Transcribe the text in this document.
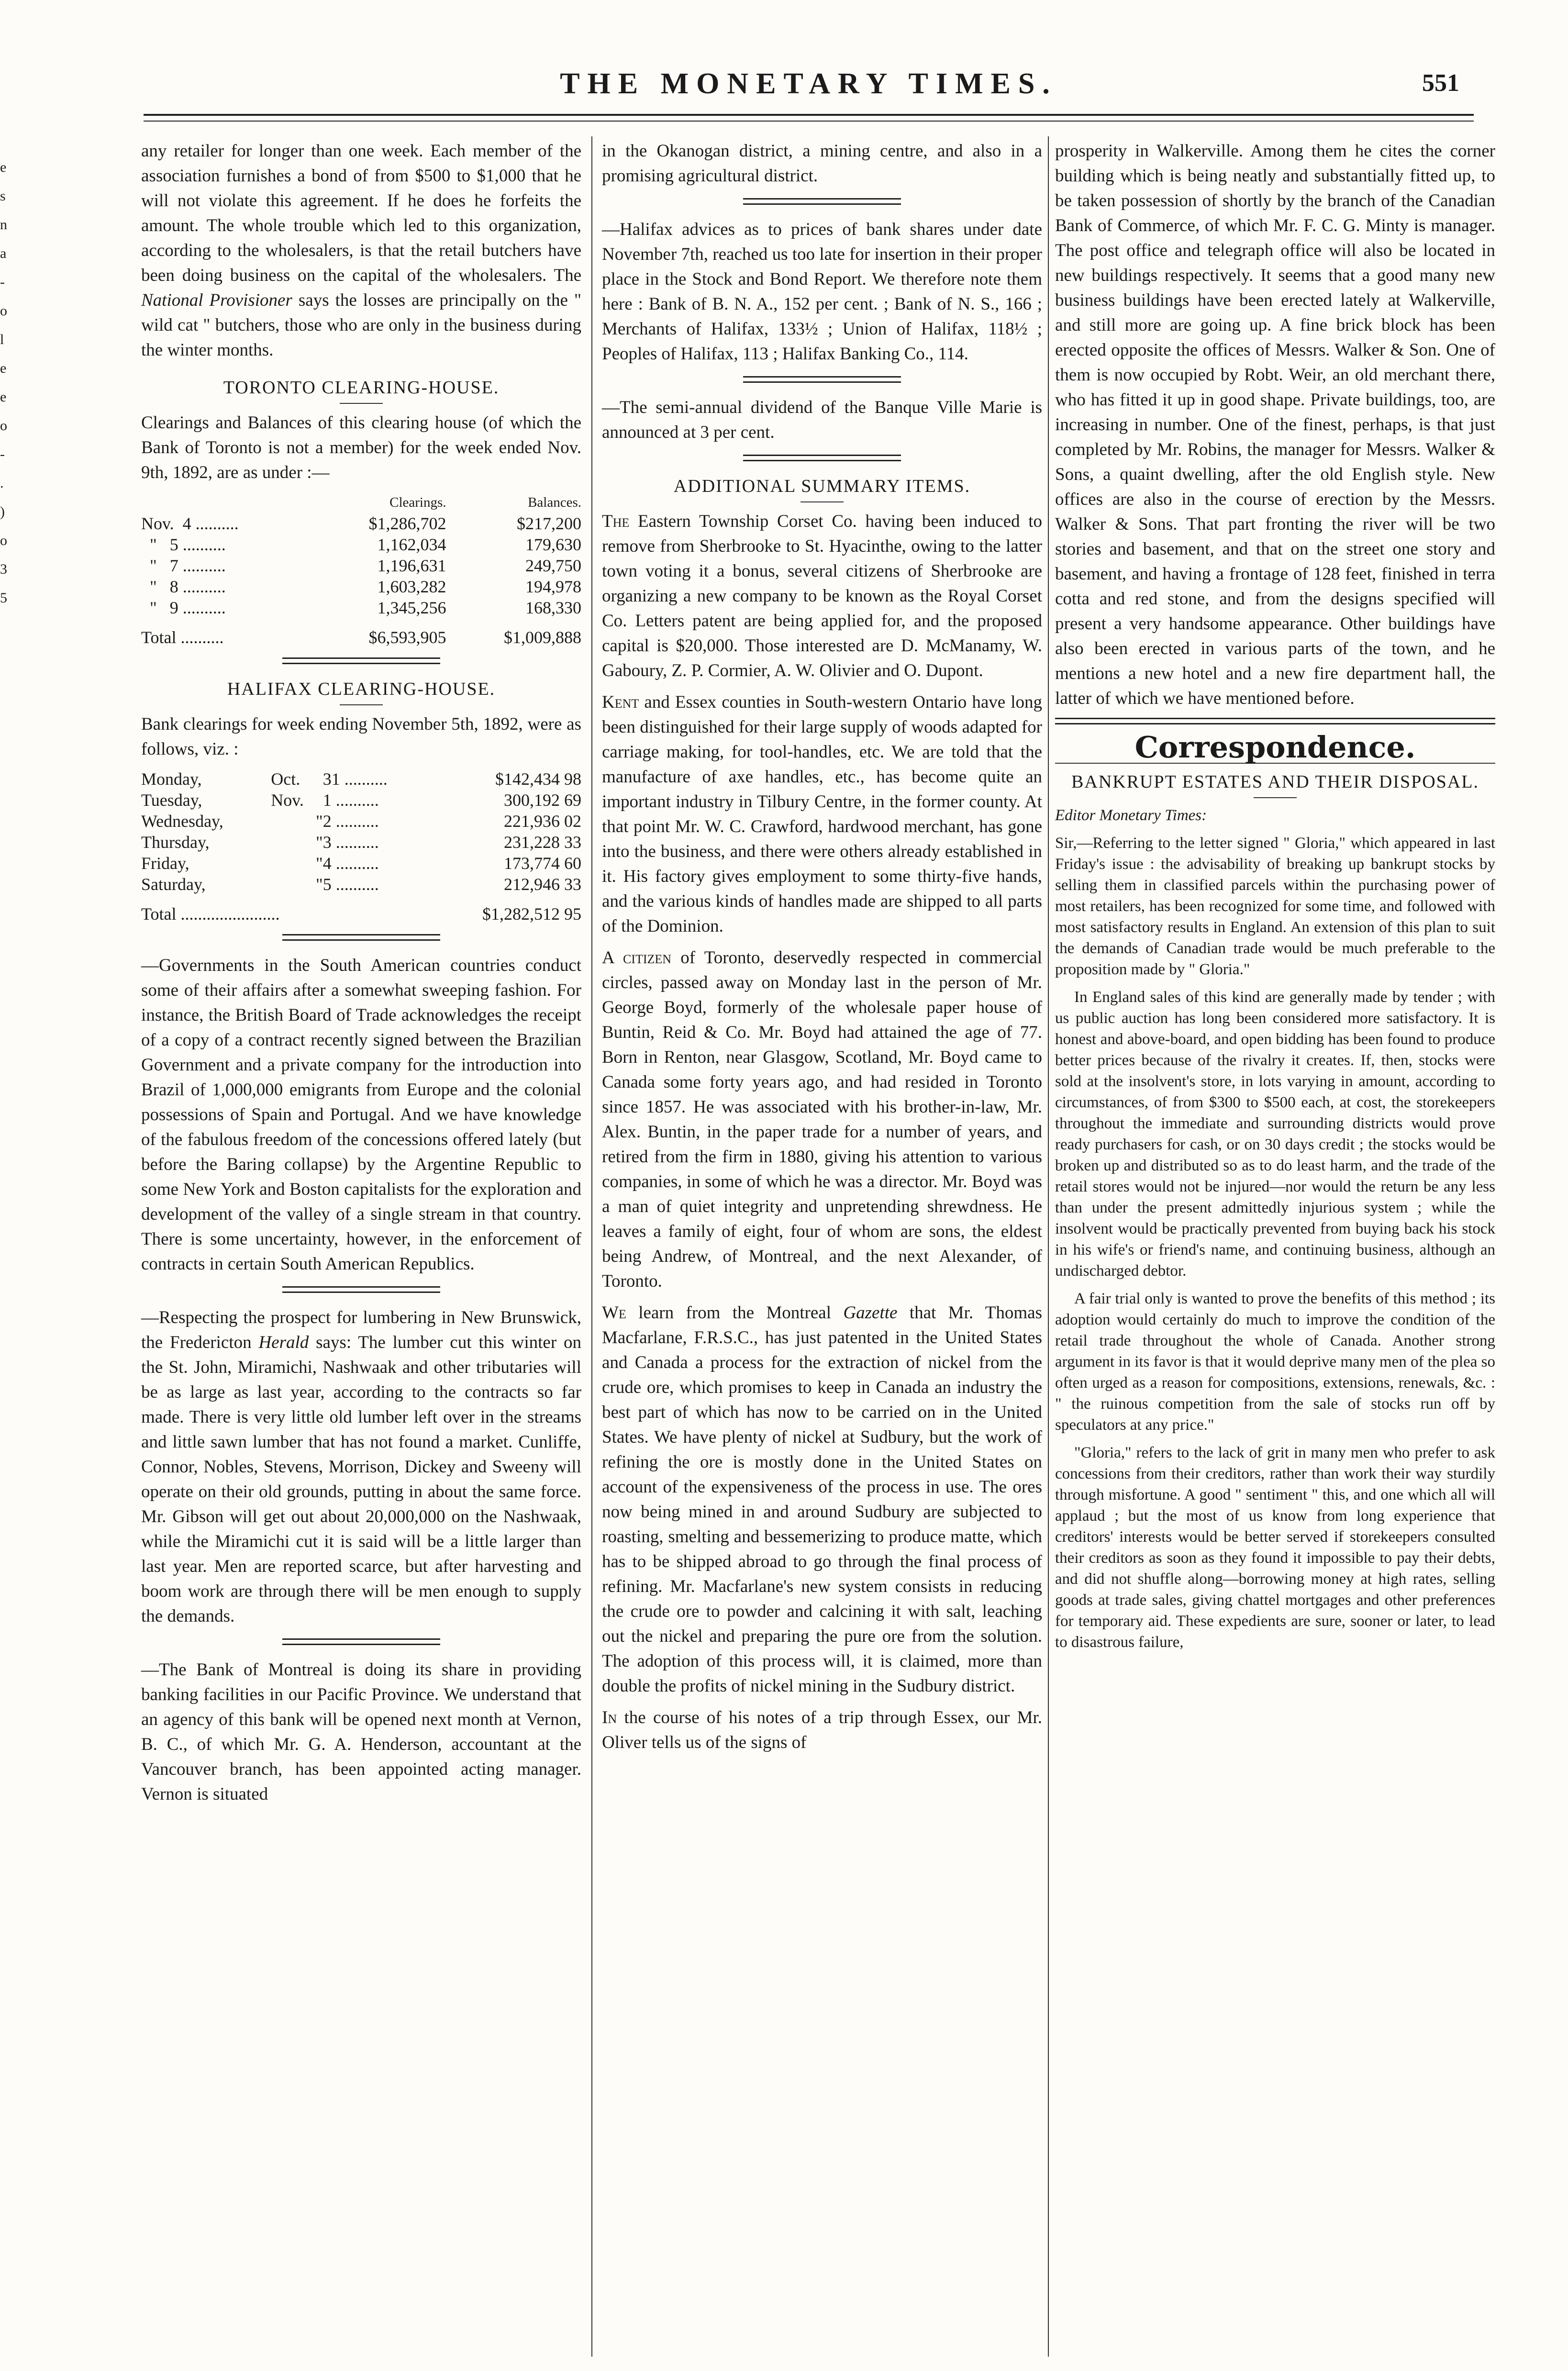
THE MONETARY TIMES.	551
e
s
n
a
-
o
l
e
e
o
-
.
)
o
3
5

any retailer for longer than one week. Each member of the association furnishes a bond of from $500 to $1,000 that he will not violate this agreement. If he does he forfeits the amount. The whole trouble which led to this organization, according to the wholesalers, is that the retail butchers have been doing business on the capital of the wholesalers. The National Provisioner says the losses are principally on the " wild cat " butchers, those who are only in the business during the winter months.

TORONTO CLEARING-HOUSE.

Clearings and Balances of this clearing house (of which the Bank of Toronto is not a member) for the week ended Nov. 9th, 1892, are as under :—

	Clearings.	Balances.
Nov.  4 ..........	$1,286,702	$217,200
"   5 ..........	1,162,034	179,630
"   7 ..........	1,196,631	249,750
"   8 ..........	1,603,282	194,978
"   9 ..........	1,345,256	168,330
Total ..........	$6,593,905	$1,009,888
HALIFAX CLEARING-HOUSE.

Bank clearings for week ending November 5th, 1892, were as follows, viz. :

Monday,	Oct.	31 ..........	$142,434 98
Tuesday,	Nov.	1 ..........	300,192 69
Wednesday,	"	2 ..........	221,936 02
Thursday,	"	3 ..........	231,228 33
Friday,	"	4 ..........	173,774 60
Saturday,	"	5 ..........	212,946 33
Total .......................			$1,282,512 95

—Governments in the South American countries conduct some of their affairs after a somewhat sweeping fashion. For instance, the British Board of Trade acknowledges the receipt of a copy of a contract recently signed between the Brazilian Government and a private company for the introduction into Brazil of 1,000,000 emigrants from Europe and the colonial possessions of Spain and Portugal. And we have knowledge of the fabulous freedom of the concessions offered lately (but before the Baring collapse) by the Argentine Republic to some New York and Boston capitalists for the exploration and development of the valley of a single stream in that country. There is some uncertainty, however, in the enforcement of contracts in certain South American Republics.

—Respecting the prospect for lumbering in New Brunswick, the Fredericton Herald says: The lumber cut this winter on the St. John, Miramichi, Nashwaak and other tributaries will be as large as last year, according to the contracts so far made. There is very little old lumber left over in the streams and little sawn lumber that has not found a market. Cunliffe, Connor, Nobles, Stevens, Morrison, Dickey and Sweeny will operate on their old grounds, putting in about the same force. Mr. Gibson will get out about 20,000,000 on the Nashwaak, while the Miramichi cut it is said will be a little larger than last year. Men are reported scarce, but after harvesting and boom work are through there will be men enough to supply the demands.

—The Bank of Montreal is doing its share in providing banking facilities in our Pacific Province. We understand that an agency of this bank will be opened next month at Vernon, B. C., of which Mr. G. A. Henderson, accountant at the Vancouver branch, has been appointed acting manager. Vernon is situated

in the Okanogan district, a mining centre, and also in a promising agricultural district.

—Halifax advices as to prices of bank shares under date November 7th, reached us too late for insertion in their proper place in the Stock and Bond Report. We therefore note them here : Bank of B. N. A., 152 per cent. ; Bank of N. S., 166 ; Merchants of Halifax, 133½ ; Union of Halifax, 118½ ; Peoples of Halifax, 113 ; Halifax Banking Co., 114.

—The semi-annual dividend of the Banque Ville Marie is announced at 3 per cent.

ADDITIONAL SUMMARY ITEMS.

The Eastern Township Corset Co. having been induced to remove from Sherbrooke to St. Hyacinthe, owing to the latter town voting it a bonus, several citizens of Sherbrooke are organizing a new company to be known as the Royal Corset Co. Letters patent are being applied for, and the proposed capital is $20,000. Those interested are D. McManamy, W. Gaboury, Z. P. Cormier, A. W. Olivier and O. Dupont.

Kent and Essex counties in South-western Ontario have long been distinguished for their large supply of woods adapted for carriage making, for tool-handles, etc. We are told that the manufacture of axe handles, etc., has become quite an important industry in Tilbury Centre, in the former county. At that point Mr. W. C. Crawford, hardwood merchant, has gone into the business, and there were others already established in it. His factory gives employment to some thirty-five hands, and the various kinds of handles made are shipped to all parts of the Dominion.

A citizen of Toronto, deservedly respected in commercial circles, passed away on Monday last in the person of Mr. George Boyd, formerly of the wholesale paper house of Buntin, Reid & Co. Mr. Boyd had attained the age of 77. Born in Renton, near Glasgow, Scotland, Mr. Boyd came to Canada some forty years ago, and had resided in Toronto since 1857. He was associated with his brother-in-law, Mr. Alex. Buntin, in the paper trade for a number of years, and retired from the firm in 1880, giving his attention to various companies, in some of which he was a director. Mr. Boyd was a man of quiet integrity and unpretending shrewdness. He leaves a family of eight, four of whom are sons, the eldest being Andrew, of Montreal, and the next Alexander, of Toronto.

We learn from the Montreal Gazette that Mr. Thomas Macfarlane, F.R.S.C., has just patented in the United States and Canada a process for the extraction of nickel from the crude ore, which promises to keep in Canada an industry the best part of which has now to be carried on in the United States. We have plenty of nickel at Sudbury, but the work of refining the ore is mostly done in the United States on account of the expensiveness of the process in use. The ores now being mined in and around Sudbury are subjected to roasting, smelting and bessemerizing to produce matte, which has to be shipped abroad to go through the final process of refining. Mr. Macfarlane's new system consists in reducing the crude ore to powder and calcining it with salt, leaching out the nickel and preparing the pure ore from the solution. The adoption of this process will, it is claimed, more than double the profits of nickel mining in the Sudbury district.

In the course of his notes of a trip through Essex, our Mr. Oliver tells us of the signs of

prosperity in Walkerville. Among them he cites the corner building which is being neatly and substantially fitted up, to be taken possession of shortly by the branch of the Canadian Bank of Commerce, of which Mr. F. C. G. Minty is manager. The post office and telegraph office will also be located in new buildings respectively. It seems that a good many new business buildings have been erected lately at Walkerville, and still more are going up. A fine brick block has been erected opposite the offices of Messrs. Walker & Son. One of them is now occupied by Robt. Weir, an old merchant there, who has fitted it up in good shape. Private buildings, too, are increasing in number. One of the finest, perhaps, is that just completed by Mr. Robins, the manager for Messrs. Walker & Sons, a quaint dwelling, after the old English style. New offices are also in the course of erection by the Messrs. Walker & Sons. That part fronting the river will be two stories and basement, and that on the street one story and basement, and having a frontage of 128 feet, finished in terra cotta and red stone, and from the designs specified will present a very handsome appearance. Other buildings have also been erected in various parts of the town, and he mentions a new hotel and a new fire department hall, the latter of which we have mentioned before.

Correspondence.
BANKRUPT ESTATES AND THEIR DISPOSAL.

Editor Monetary Times:

Sir,—Referring to the letter signed " Gloria," which appeared in last Friday's issue : the advisability of breaking up bankrupt stocks by selling them in classified parcels within the purchasing power of most retailers, has been recognized for some time, and followed with most satisfactory results in England. An extension of this plan to suit the demands of Canadian trade would be much preferable to the proposition made by " Gloria."

In England sales of this kind are generally made by tender ; with us public auction has long been considered more satisfactory. It is honest and above-board, and open bidding has been found to produce better prices because of the rivalry it creates. If, then, stocks were sold at the insolvent's store, in lots varying in amount, according to circumstances, of from $300 to $500 each, at cost, the storekeepers throughout the immediate and surrounding districts would prove ready purchasers for cash, or on 30 days credit ; the stocks would be broken up and distributed so as to do least harm, and the trade of the retail stores would not be injured—nor would the return be any less than under the present admittedly injurious system ; while the insolvent would be practically prevented from buying back his stock in his wife's or friend's name, and continuing business, although an undischarged debtor.

A fair trial only is wanted to prove the benefits of this method ; its adoption would certainly do much to improve the condition of the retail trade throughout the whole of Canada. Another strong argument in its favor is that it would deprive many men of the plea so often urged as a reason for compositions, extensions, renewals, &c. : " the ruinous competition from the sale of stocks run off by speculators at any price."

"Gloria," refers to the lack of grit in many men who prefer to ask concessions from their creditors, rather than work their way sturdily through misfortune. A good " sentiment " this, and one which all will applaud ; but the most of us know from long experience that creditors' interests would be better served if storekeepers consulted their creditors as soon as they found it impossible to pay their debts, and did not shuffle along—borrowing money at high rates, selling goods at trade sales, giving chattel mortgages and other preferences for temporary aid. These expedients are sure, sooner or later, to lead to disastrous failure,
